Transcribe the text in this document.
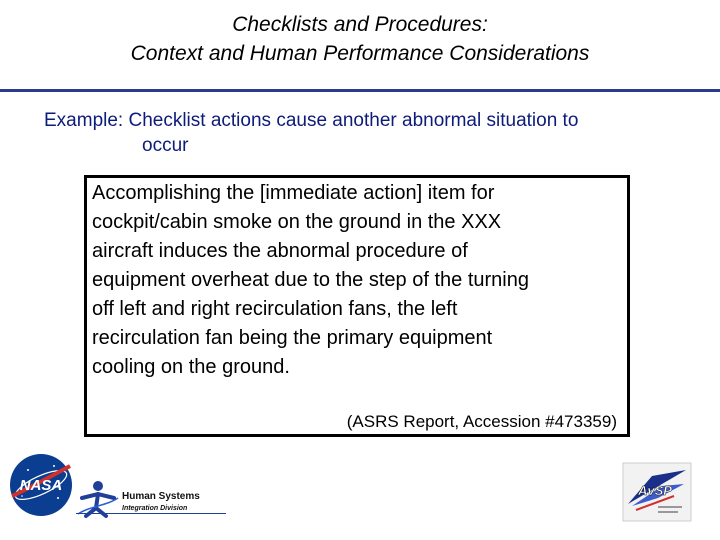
Checklists and Procedures:
Context and Human Performance Considerations
Example: Checklist actions cause another abnormal situation to
occur
Accomplishing the [immediate action] item for
cockpit/cabin smoke on the ground in the XXX
aircraft induces the abnormal procedure of
equipment overheat due to the step of the turning
off left and right recirculation fans, the left
recirculation fan being the primary equipment
cooling on the ground.
(ASRS Report, Accession #473359)
NASA
Human Systems
Integration Division
AvSP
